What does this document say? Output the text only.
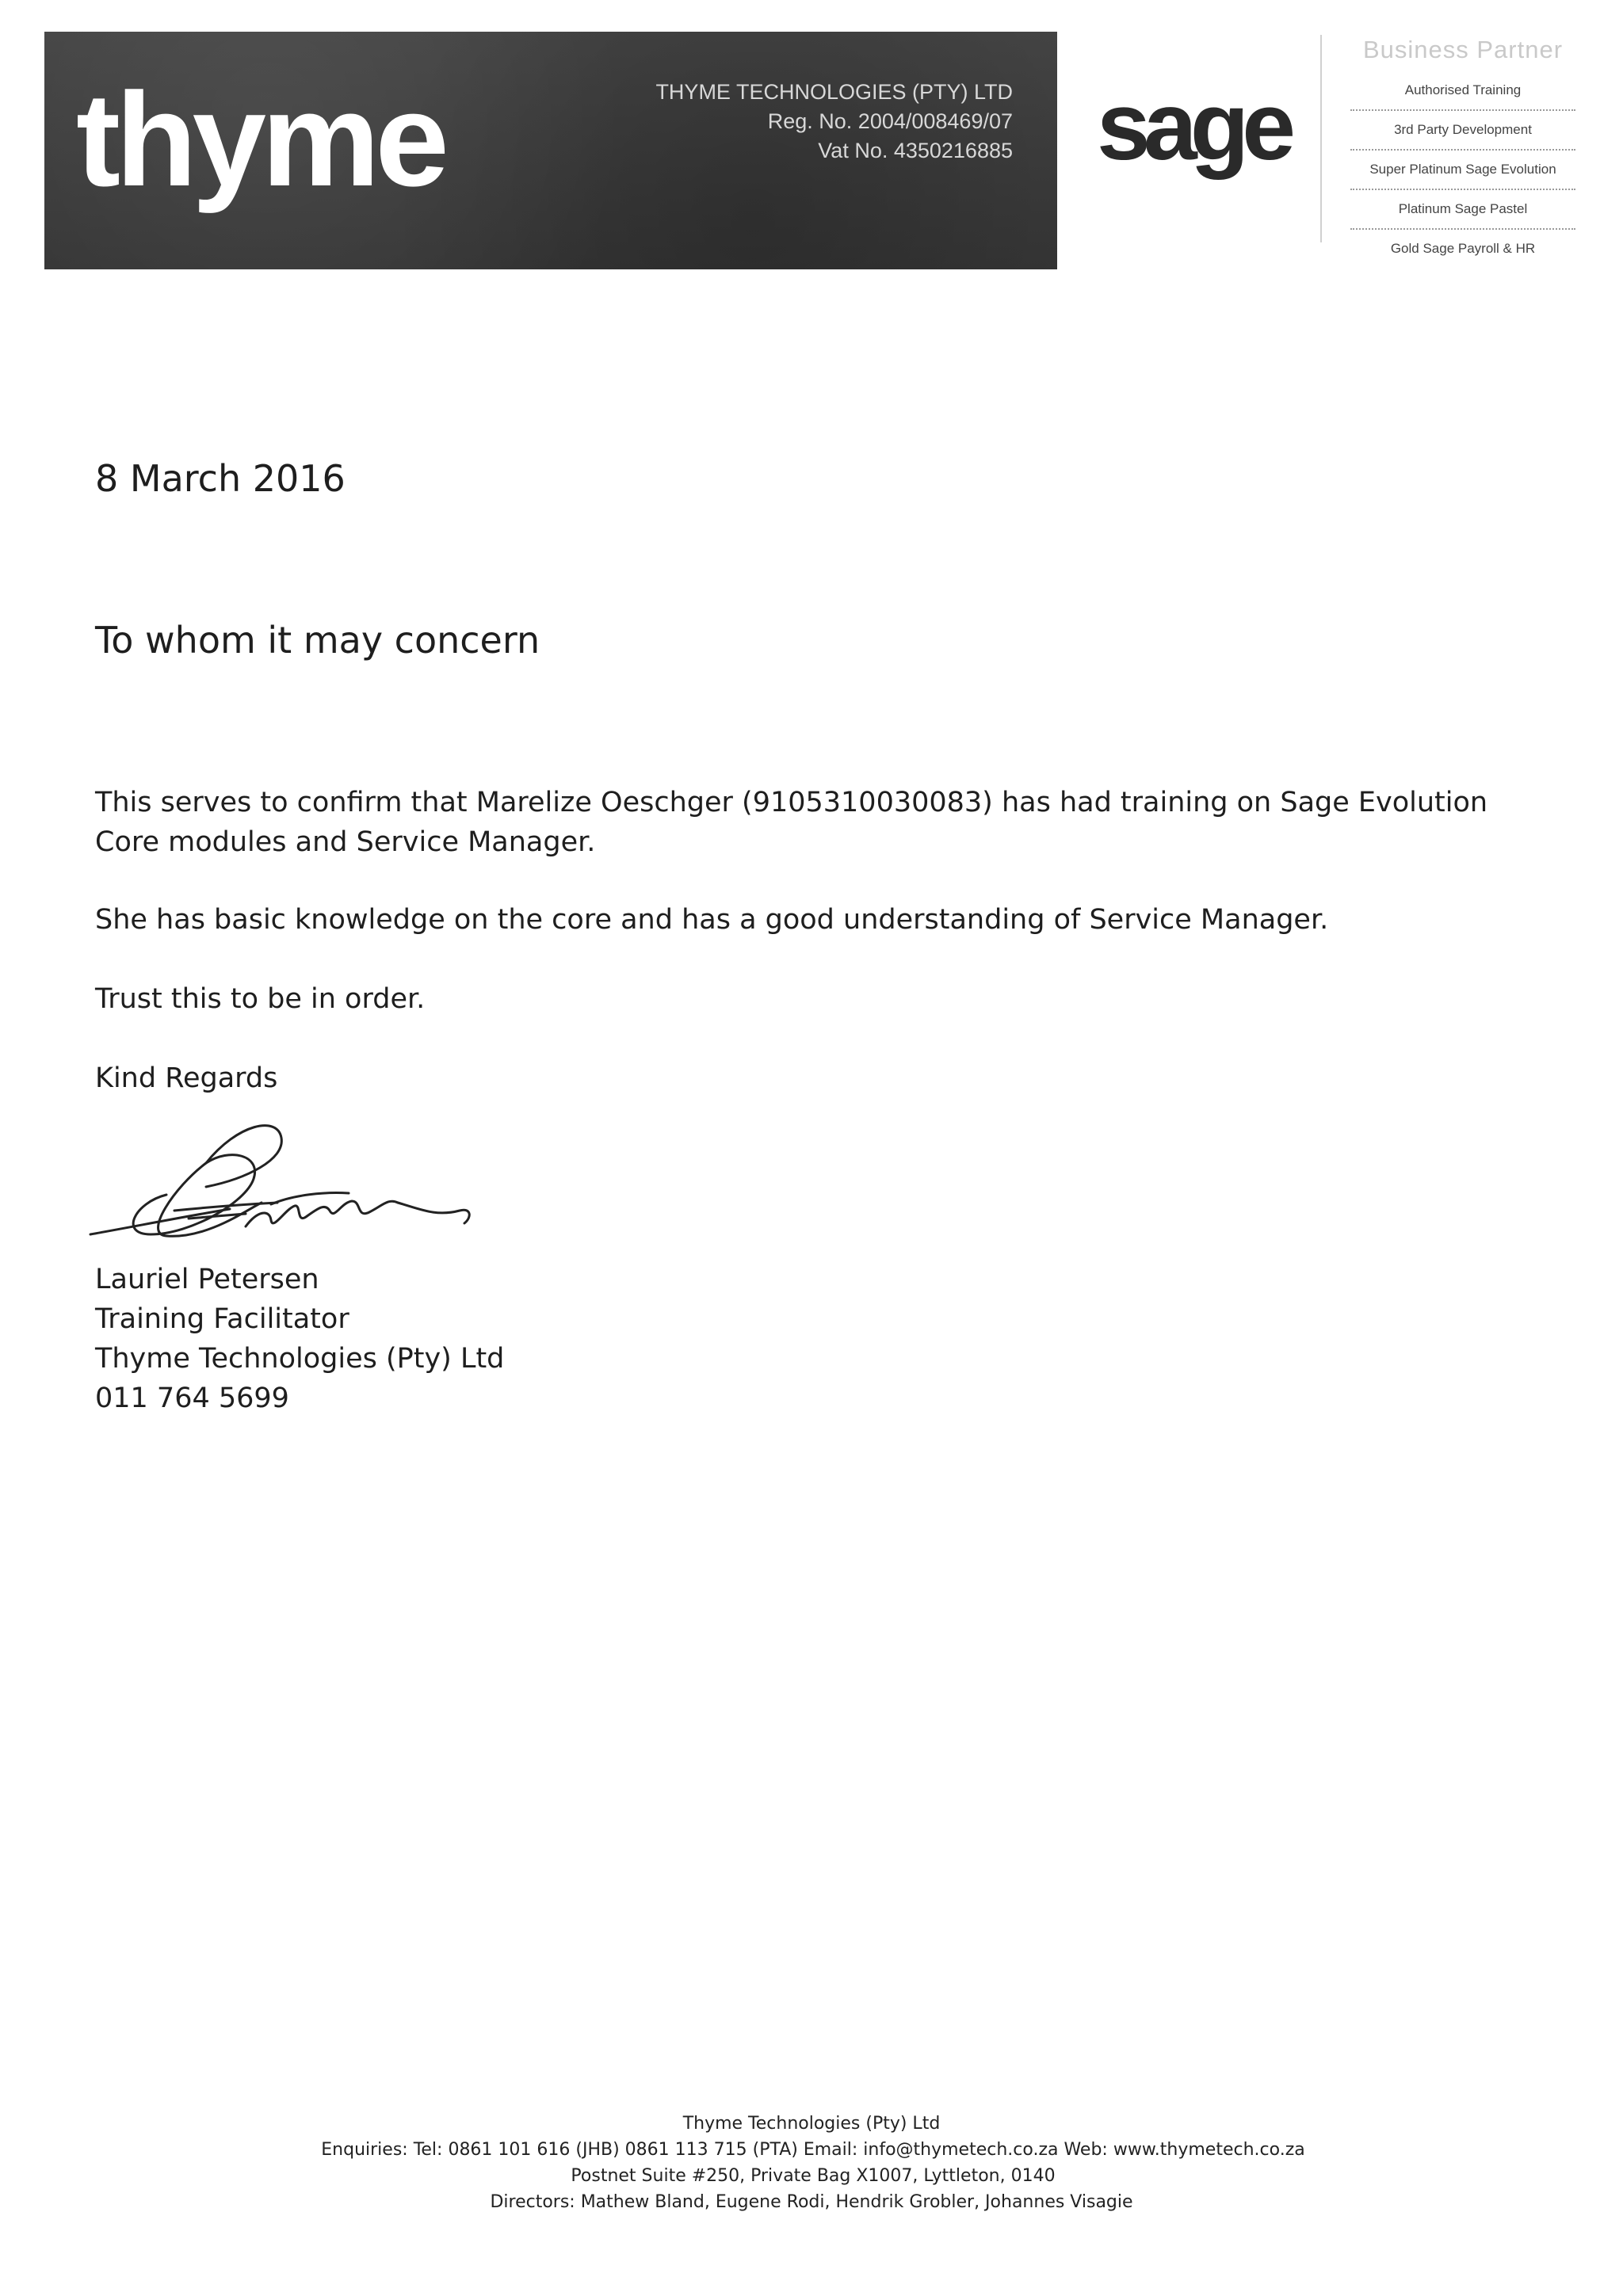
thyme	THYME TECHNOLOGIES (PTY) LTD
Reg. No. 2004/008469/07
Vat No. 4350216885 sage
Business Partner
Authorised Training
3rd Party Development
Super Platinum Sage Evolution
Platinum Sage Pastel
Gold Sage Payroll & HR
8 March 2016
To whom it may concern
This serves to confirm that Marelize Oeschger (9105310030083) has had training on Sage Evolution Core modules and Service Manager.
She has basic knowledge on the core and has a good understanding of Service Manager.
Trust this to be in order.
Kind Regards
Lauriel Petersen
Training Facilitator
Thyme Technologies (Pty) Ltd
011 764 5699
Thyme Technologies (Pty) Ltd
Enquiries: Tel: 0861 101 616 (JHB) 0861 113 715 (PTA) Email: info@thymetech.co.za Web: www.thymetech.co.za
Postnet Suite #250, Private Bag X1007, Lyttleton, 0140
Directors: Mathew Bland, Eugene Rodi, Hendrik Grobler, Johannes Visagie
